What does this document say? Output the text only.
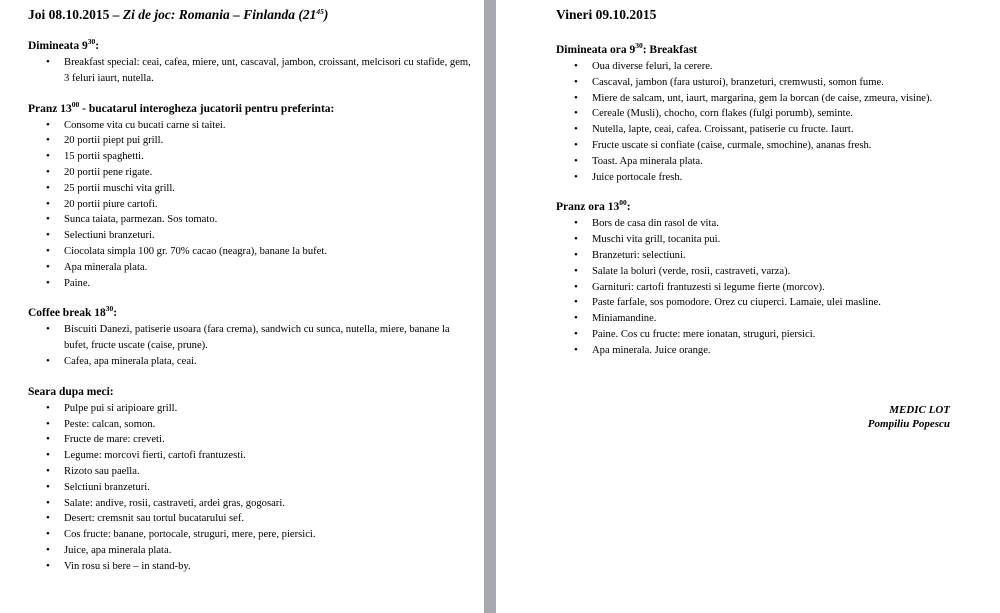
Joi 08.10.2015 – Zi de joc: Romania – Finlanda $(21^{45})$
Dimineata $9^{30}$:
• Breakfast special: ceai, cafea, miere, unt, cascaval, jambon, croissant, melcisori cu stafide, gem, 3 feluri iaurt, nutella.
Pranz $13^{00}$ - bucatarul interogheza jucatorii pentru preferinta:
• Consome vita cu bucati carne si taitei.
• 20 portii piept pui grill.
• 15 portii spaghetti.
• 20 portii pene rigate.
• 25 portii muschi vita grill.
• 20 portii piure cartofi.
• Sunca taiata, parmezan. Sos tomato.
• Selectiuni branzeturi.
• Ciocolata simpla 100 gr. 70% cacao (neagra), banane la bufet.
• Apa minerala plata.
• Paine.
Coffee break $18^{30}$:
• Biscuiti Danezi, patiserie usoara (fara crema), sandwich cu sunca, nutella, miere, banane la bufet, fructe uscate (caise, prune).
• Cafea, apa minerala plata, ceai.
Seara dupa meci:
• Pulpe pui si aripioare grill.
• Peste: calcan, somon.
• Fructe de mare: creveti.
• Legume: morcovi fierti, cartofi frantuzesti.
• Rizoto sau paella.
• Selctiuni branzeturi.
• Salate: andive, rosii, castraveti, ardei gras, gogosari.
• Desert: cremsnit sau tortul bucatarului sef.
• Cos fructe: banane, portocale, struguri, mere, pere, piersici.
• Juice, apa minerala plata.
• Vin rosu si bere – in stand-by.
Vineri 09.10.2015
Dimineata ora $9^{30}$: Breakfast
• Oua diverse feluri, la cerere.
• Cascaval, jambon (fara usturoi), branzeturi, cremwusti, somon fume.
• Miere de salcam, unt, iaurt, margarina, gem la borcan (de caise, zmeura, visine).
• Cereale (Musli), chocho, corn flakes (fulgi porumb), seminte.
• Nutella, lapte, ceai, cafea. Croissant, patiserie cu fructe. Iaurt.
• Fructe uscate si confiate (caise, curmale, smochine), ananas fresh.
• Toast. Apa minerala plata.
• Juice portocale fresh.
Pranz ora $13^{00}$:
• Bors de casa din rasol de vita.
• Muschi vita grill, tocanita pui.
• Branzeturi: selectiuni.
• Salate la boluri (verde, rosii, castraveti, varza).
• Garnituri: cartofi frantuzesti si legume fierte (morcov).
• Paste farfale, sos pomodore. Orez cu ciuperci. Lamaie, ulei masline.
• Miniamandine.
• Paine. Cos cu fructe: mere ionatan, struguri, piersici.
• Apa minerala. Juice orange.
MEDIC LOT
Pompiliu Popescu
